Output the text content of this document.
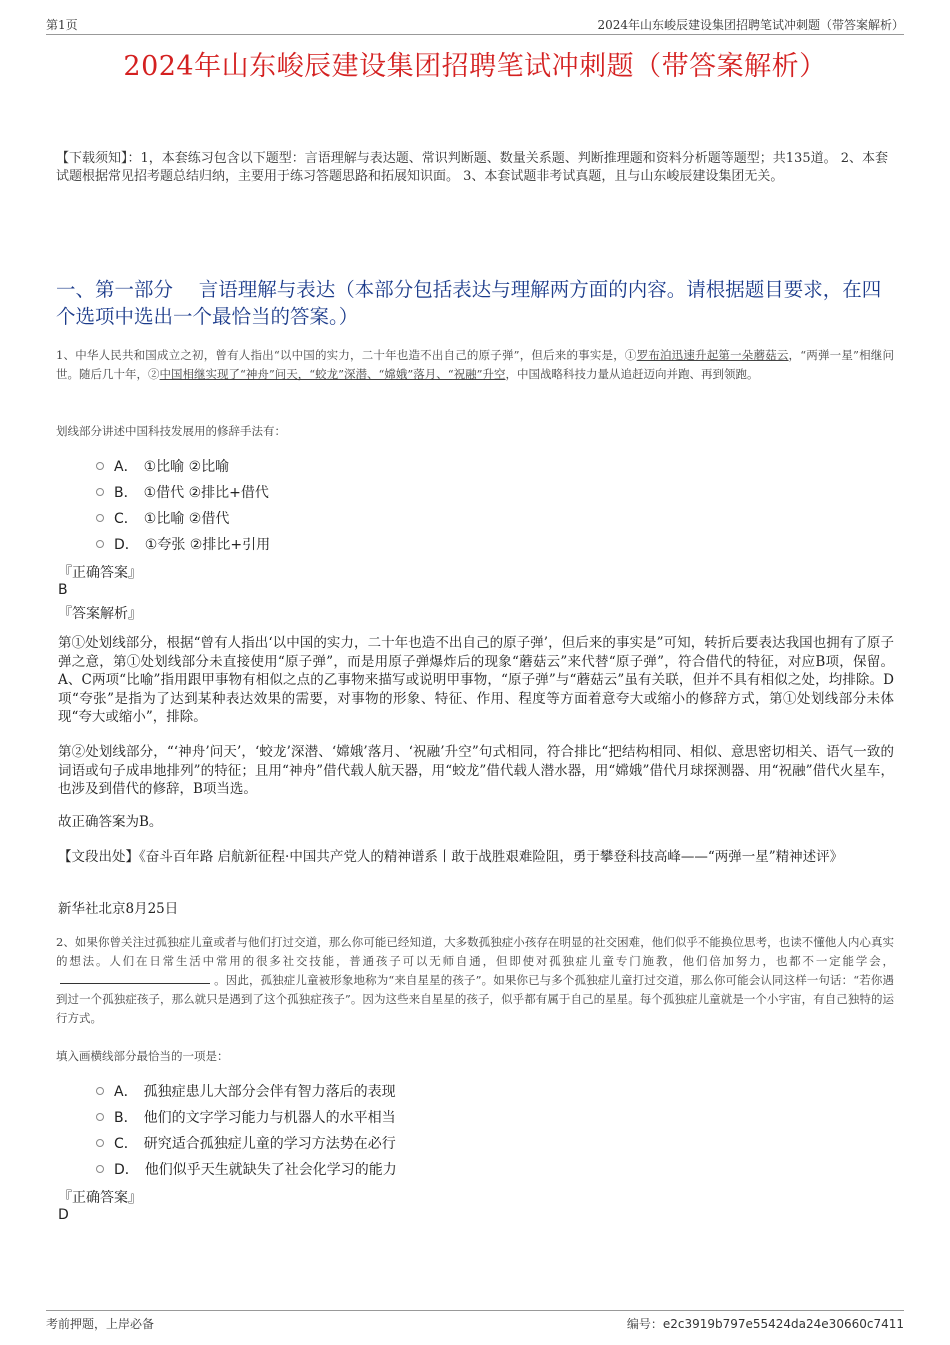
第1页	2024年山东峻辰建设集团招聘笔试冲刺题（带答案解析）
2024年山东峻辰建设集团招聘笔试冲刺题（带答案解析）
【下载须知】：1，本套练习包含以下题型：言语理解与表达题、常识判断题、数量关系题、判断推理题和资料分析题等题型；共135道。 2、本套试题根据常见招考题总结归纳，主要用于练习答题思路和拓展知识面。 3、本套试题非考试真题，且与山东峻辰建设集团无关。
一、第一部分　 言语理解与表达（本部分包括表达与理解两方面的内容。请根据题目要求，在四个选项中选出一个最恰当的答案。）
1、中华人民共和国成立之初，曾有人指出“以中国的实力，二十年也造不出自己的原子弹”，但后来的事实是，①罗布泊迅速升起第一朵蘑菇云，“两弹一星”相继问世。随后几十年，②中国相继实现了“神舟”问天，“蛟龙”深潜、“嫦娥”落月、“祝融”升空，中国战略科技力量从追赶迈向并跑、再到领跑。
划线部分讲述中国科技发展用的修辞手法有：
A． ①比喻 ②比喻
B． ①借代 ②排比+借代
C． ①比喻 ②借代
D． ①夸张 ②排比+引用
『正确答案』
B
『答案解析』
第①处划线部分，根据“曾有人指出‘以中国的实力，二十年也造不出自己的原子弹’，但后来的事实是”可知，转折后要表达我国也拥有了原子弹之意，第①处划线部分未直接使用“原子弹”，而是用原子弹爆炸后的现象“蘑菇云”来代替“原子弹”，符合借代的特征，对应B项，保留。A、C两项“比喻”指用跟甲事物有相似之点的乙事物来描写或说明甲事物，“原子弹”与“蘑菇云”虽有关联，但并不具有相似之处，均排除。D项“夸张”是指为了达到某种表达效果的需要，对事物的形象、特征、作用、程度等方面着意夸大或缩小的修辞方式，第①处划线部分未体现“夸大或缩小”，排除。
第②处划线部分，“‘神舟’问天’，‘蛟龙’深潜、‘嫦娥’落月、‘祝融’升空”句式相同，符合排比“把结构相同、相似、意思密切相关、语气一致的词语或句子成串地排列”的特征；且用“神舟”借代载人航天器，用“蛟龙”借代载人潜水器，用“嫦娥”借代月球探测器、用“祝融”借代火星车，也涉及到借代的修辞，B项当选。
故正确答案为B。
【文段出处】《奋斗百年路 启航新征程·中国共产党人的精神谱系丨敢于战胜艰难险阻，勇于攀登科技高峰——“两弹一星”精神述评》
新华社北京8月25日
2、如果你曾关注过孤独症儿童或者与他们打过交道，那么你可能已经知道，大多数孤独症小孩存在明显的社交困难，他们似乎不能换位思考，也读不懂他人内心真实的想法。人们在日常生活中常用的很多社交技能，普通孩子可以无师自通，但即使对孤独症儿童专门施教，他们倍加努力，也都不一定能学会，。因此，孤独症儿童被形象地称为“来自星星的孩子”。如果你已与多个孤独症儿童打过交道，那么你可能会认同这样一句话：“若你遇到过一个孤独症孩子，那么就只是遇到了这个孤独症孩子”。因为这些来自星星的孩子，似乎都有属于自己的星星。每个孤独症儿童就是一个小宇宙，有自己独特的运行方式。
填入画横线部分最恰当的一项是：
A． 孤独症患儿大部分会伴有智力落后的表现
B． 他们的文字学习能力与机器人的水平相当
C． 研究适合孤独症儿童的学习方法势在必行
D． 他们似乎天生就缺失了社会化学习的能力
『正确答案』
D
考前押题，上岸必备	编号：e2c3919b797e55424da24e30660c7411
